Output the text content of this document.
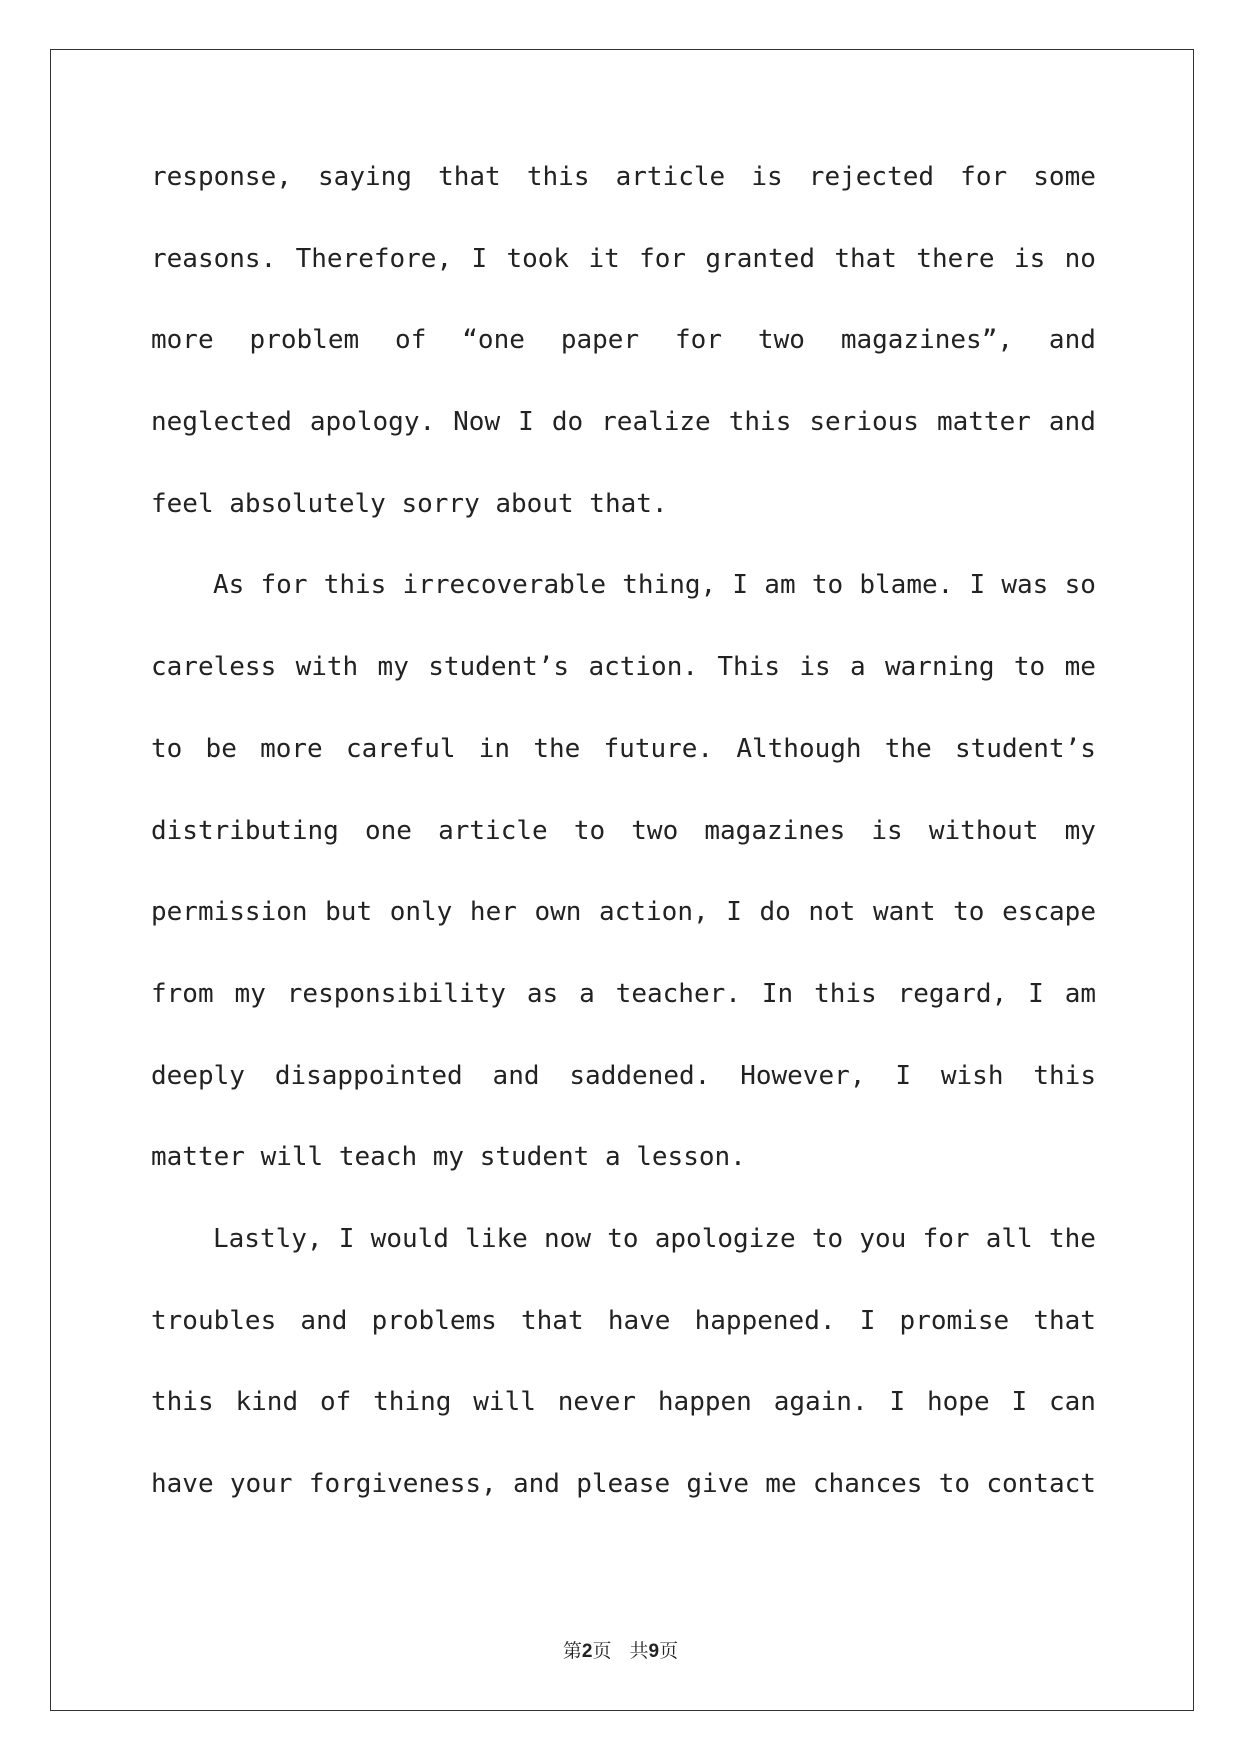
response, saying that this article is rejected for some
reasons. Therefore, I took it for granted that there is no
more problem of “one paper for two magazines”, and
neglected apology. Now I do realize this serious matter and
feel absolutely sorry about that.
As for this irrecoverable thing, I am to blame. I was so
careless with my student’s action. This is a warning to me
to be more careful in the future. Although the student’s
distributing one article to two magazines is without my
permission but only her own action, I do not want to escape
from my responsibility as a teacher. In this regard, I am
deeply disappointed and saddened. However, I wish this
matter will teach my student a lesson.
Lastly, I would like now to apologize to you for all the
troubles and problems that have happened. I promise that
this kind of thing will never happen again. I hope I can
have your forgiveness, and please give me chances to contact
第2页 共9页
